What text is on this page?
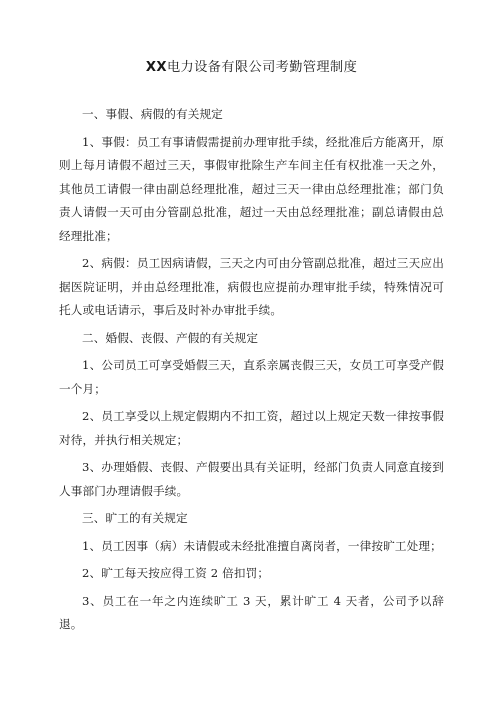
XX电力设备有限公司考勤管理制度

一、事假、病假的有关规定

1、事假：员工有事请假需提前办理审批手续，经批准后方能离开，原则上每月请假不超过三天，事假审批除生产车间主任有权批准一天之外，其他员工请假一律由副总经理批准，超过三天一律由总经理批准；部门负责人请假一天可由分管副总批准，超过一天由总经理批准；副总请假由总经理批准；

2、病假：员工因病请假，三天之内可由分管副总批准，超过三天应出据医院证明，并由总经理批准，病假也应提前办理审批手续，特殊情况可托人或电话请示，事后及时补办审批手续。

二、婚假、丧假、产假的有关规定

1、公司员工可享受婚假三天，直系亲属丧假三天，女员工可享受产假一个月；

2、员工享受以上规定假期内不扣工资，超过以上规定天数一律按事假对待，并执行相关规定；

3、办理婚假、丧假、产假要出具有关证明，经部门负责人同意直接到人事部门办理请假手续。

三、旷工的有关规定

1、员工因事（病）未请假或未经批准擅自离岗者，一律按旷工处理；

2、旷工每天按应得工资 2 倍扣罚；

3、员工在一年之内连续旷工 3 天，累计旷工 4 天者，公司予以辞退。
